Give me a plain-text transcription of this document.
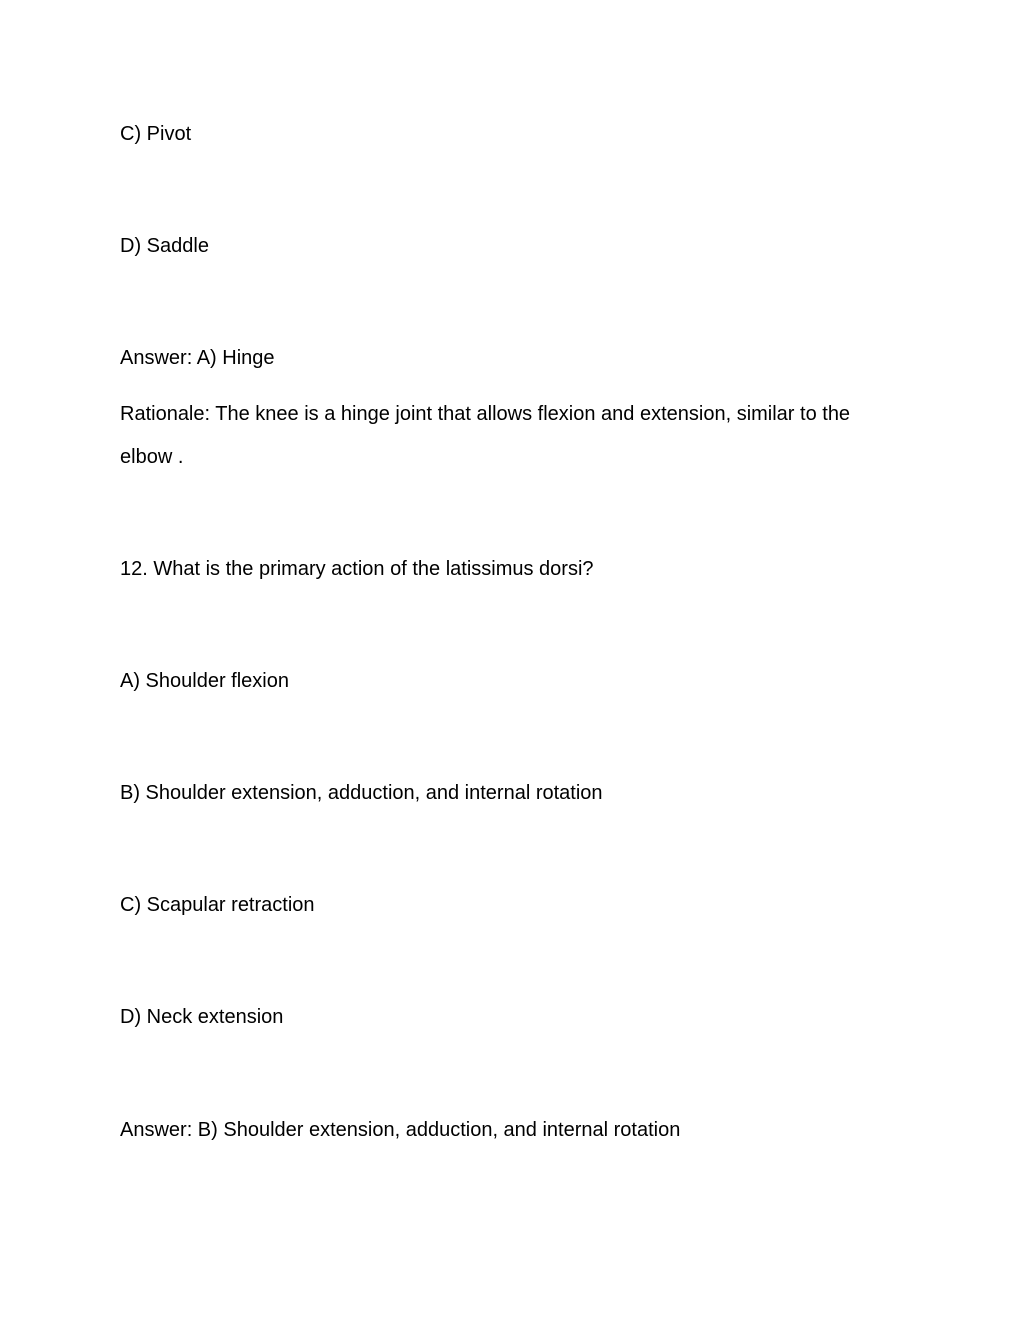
C) Pivot

D) Saddle

Answer: A) Hinge

Rationale: The knee is a hinge joint that allows flexion and extension, similar to the elbow .

12. What is the primary action of the latissimus dorsi?

A) Shoulder flexion

B) Shoulder extension, adduction, and internal rotation

C) Scapular retraction

D) Neck extension

Answer: B) Shoulder extension, adduction, and internal rotation
